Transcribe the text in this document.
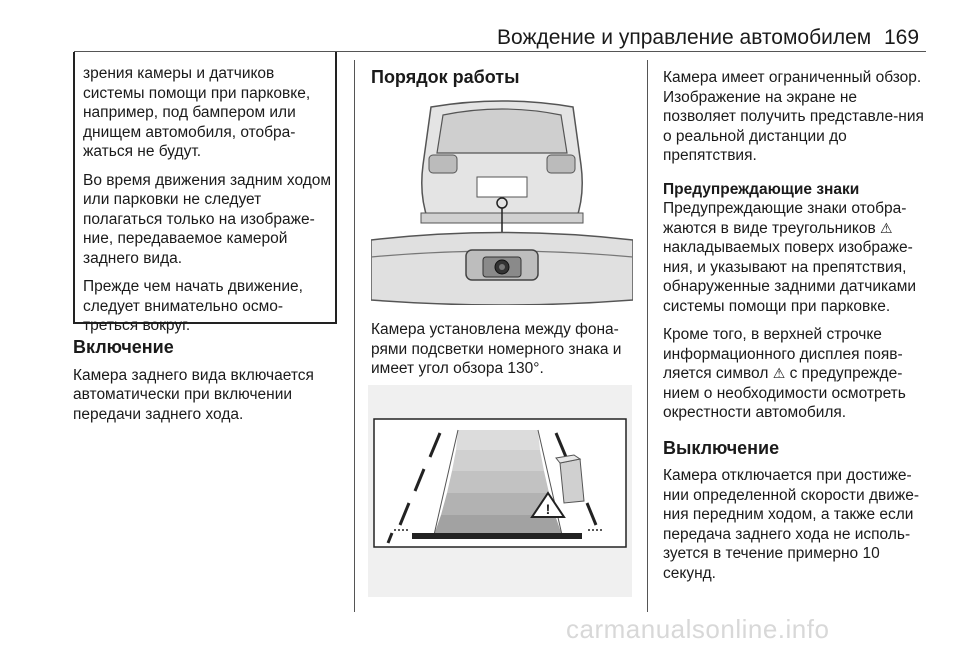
Вождение и управление автомобилем 169

зрения камеры и датчиков системы помощи при парковке, например, под бампером или днищем автомобиля, отобра-жаться не будут.

Во время движения задним ходом или парковки не следует полагаться только на изображе-ние, передаваемое камерой заднего вида.

Прежде чем начать движение, следует внимательно осмо-треться вокруг.

Включение

Камера заднего вида включается автоматически при включении передачи заднего хода.

Порядок работы

Камера установлена между фона-рями подсветки номерного знака и имеет угол обзора 130°.

!

Камера имеет ограниченный обзор. Изображение на экране не позволяет получить представле-ния о реальной дистанции до препятствия.

Предупреждающие знаки

Предупреждающие знаки отобра-жаются в виде треугольников ⚠ накладываемых поверх изображе-ния, и указывают на препятствия, обнаруженные задними датчиками системы помощи при парковке.

Кроме того, в верхней строчке информационного дисплея появ-ляется символ ⚠ с предупрежде-нием о необходимости осмотреть окрестности автомобиля.

Выключение

Камера отключается при достиже-нии определенной скорости движе-ния передним ходом, а также если передача заднего хода не исполь-зуется в течение примерно 10 секунд.

carmanualsonline.info
